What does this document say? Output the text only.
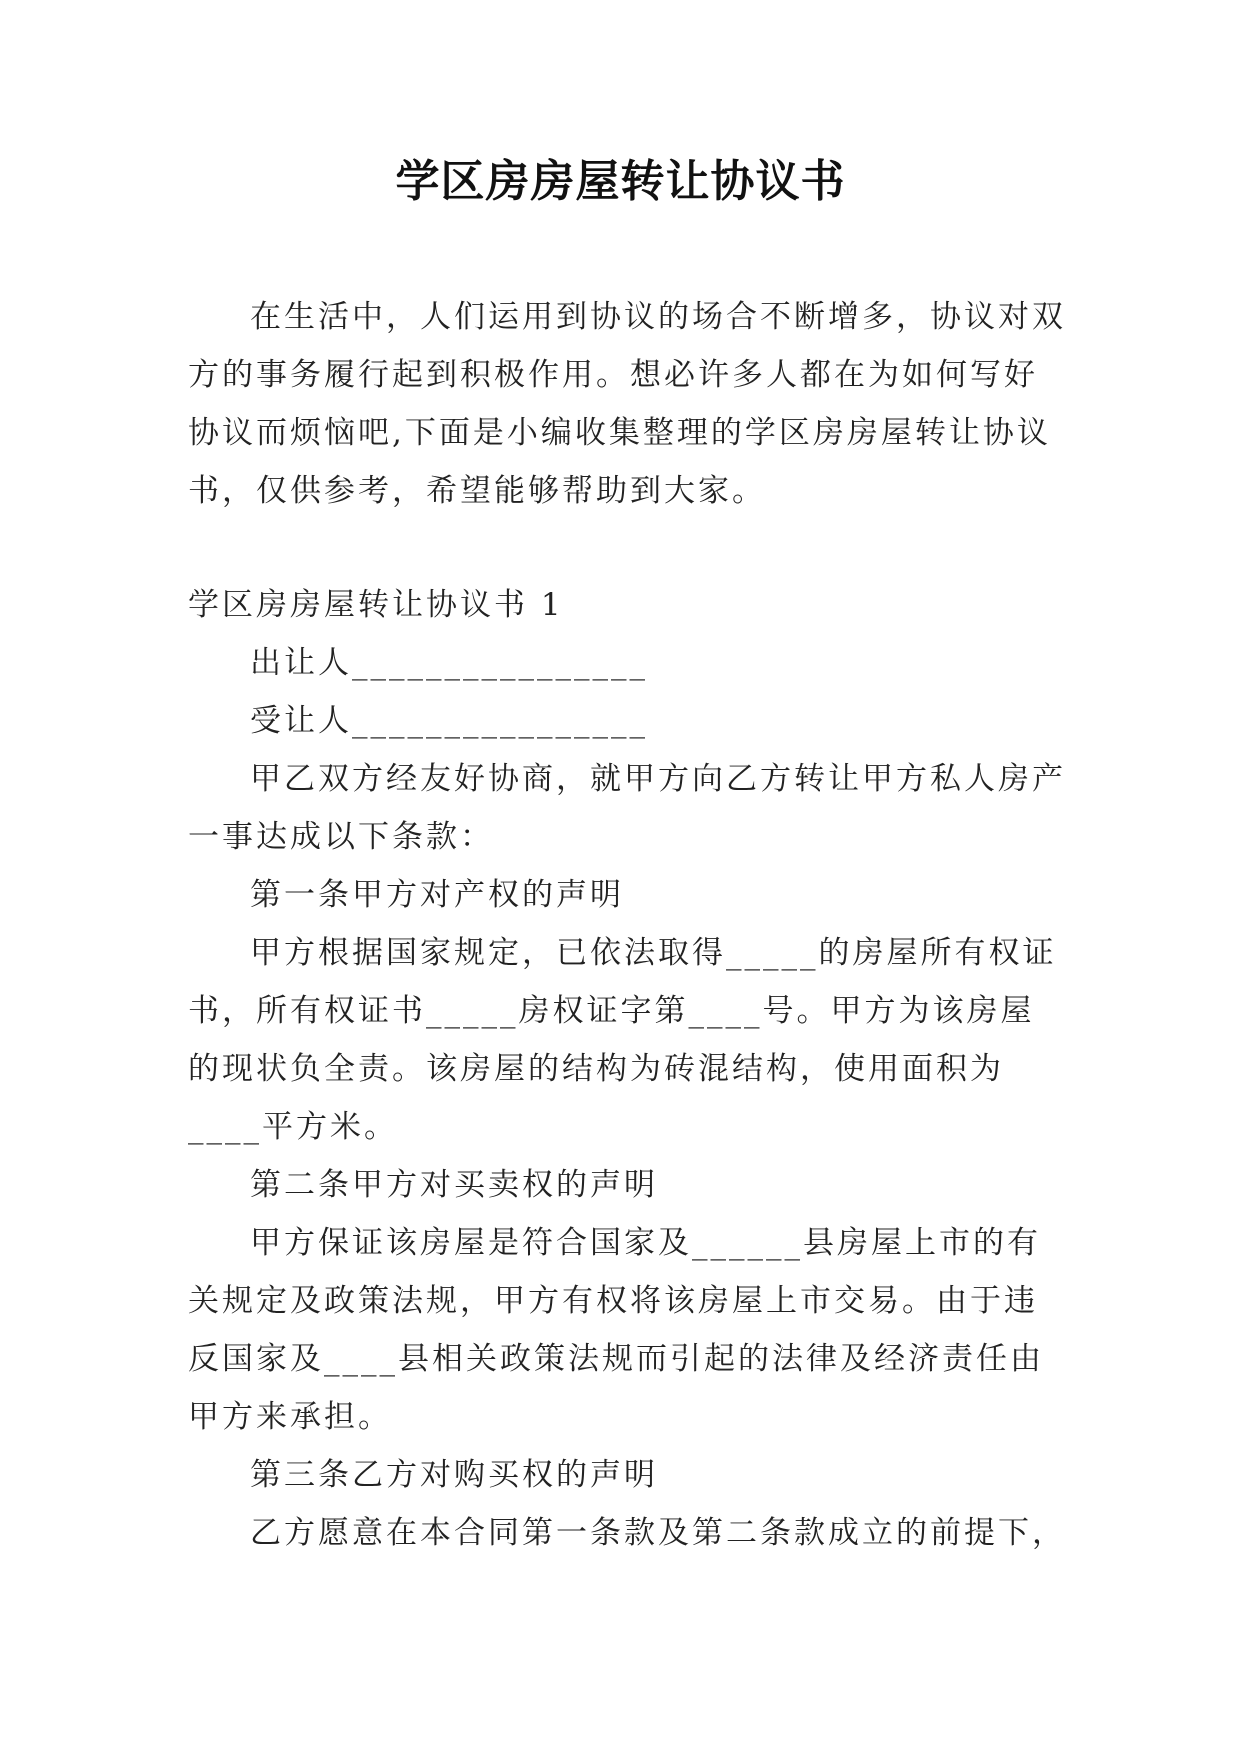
学区房房屋转让协议书

在生活中，人们运用到协议的场合不断增多，协议对双方的事务履行起到积极作用。想必许多人都在为如何写好协议而烦恼吧,下面是小编收集整理的学区房房屋转让协议书，仅供参考，希望能够帮助到大家。

学区房房屋转让协议书 1

出让人________________

受让人________________

甲乙双方经友好协商，就甲方向乙方转让甲方私人房产一事达成以下条款：

第一条甲方对产权的声明

甲方根据国家规定，已依法取得_____的房屋所有权证书，所有权证书_____房权证字第____号。甲方为该房屋的现状负全责。该房屋的结构为砖混结构，使用面积为____平方米。

第二条甲方对买卖权的声明

甲方保证该房屋是符合国家及______县房屋上市的有关规定及政策法规，甲方有权将该房屋上市交易。由于违反国家及____县相关政策法规而引起的法律及经济责任由甲方来承担。

第三条乙方对购买权的声明

乙方愿意在本合同第一条款及第二条款成立的前提下，
